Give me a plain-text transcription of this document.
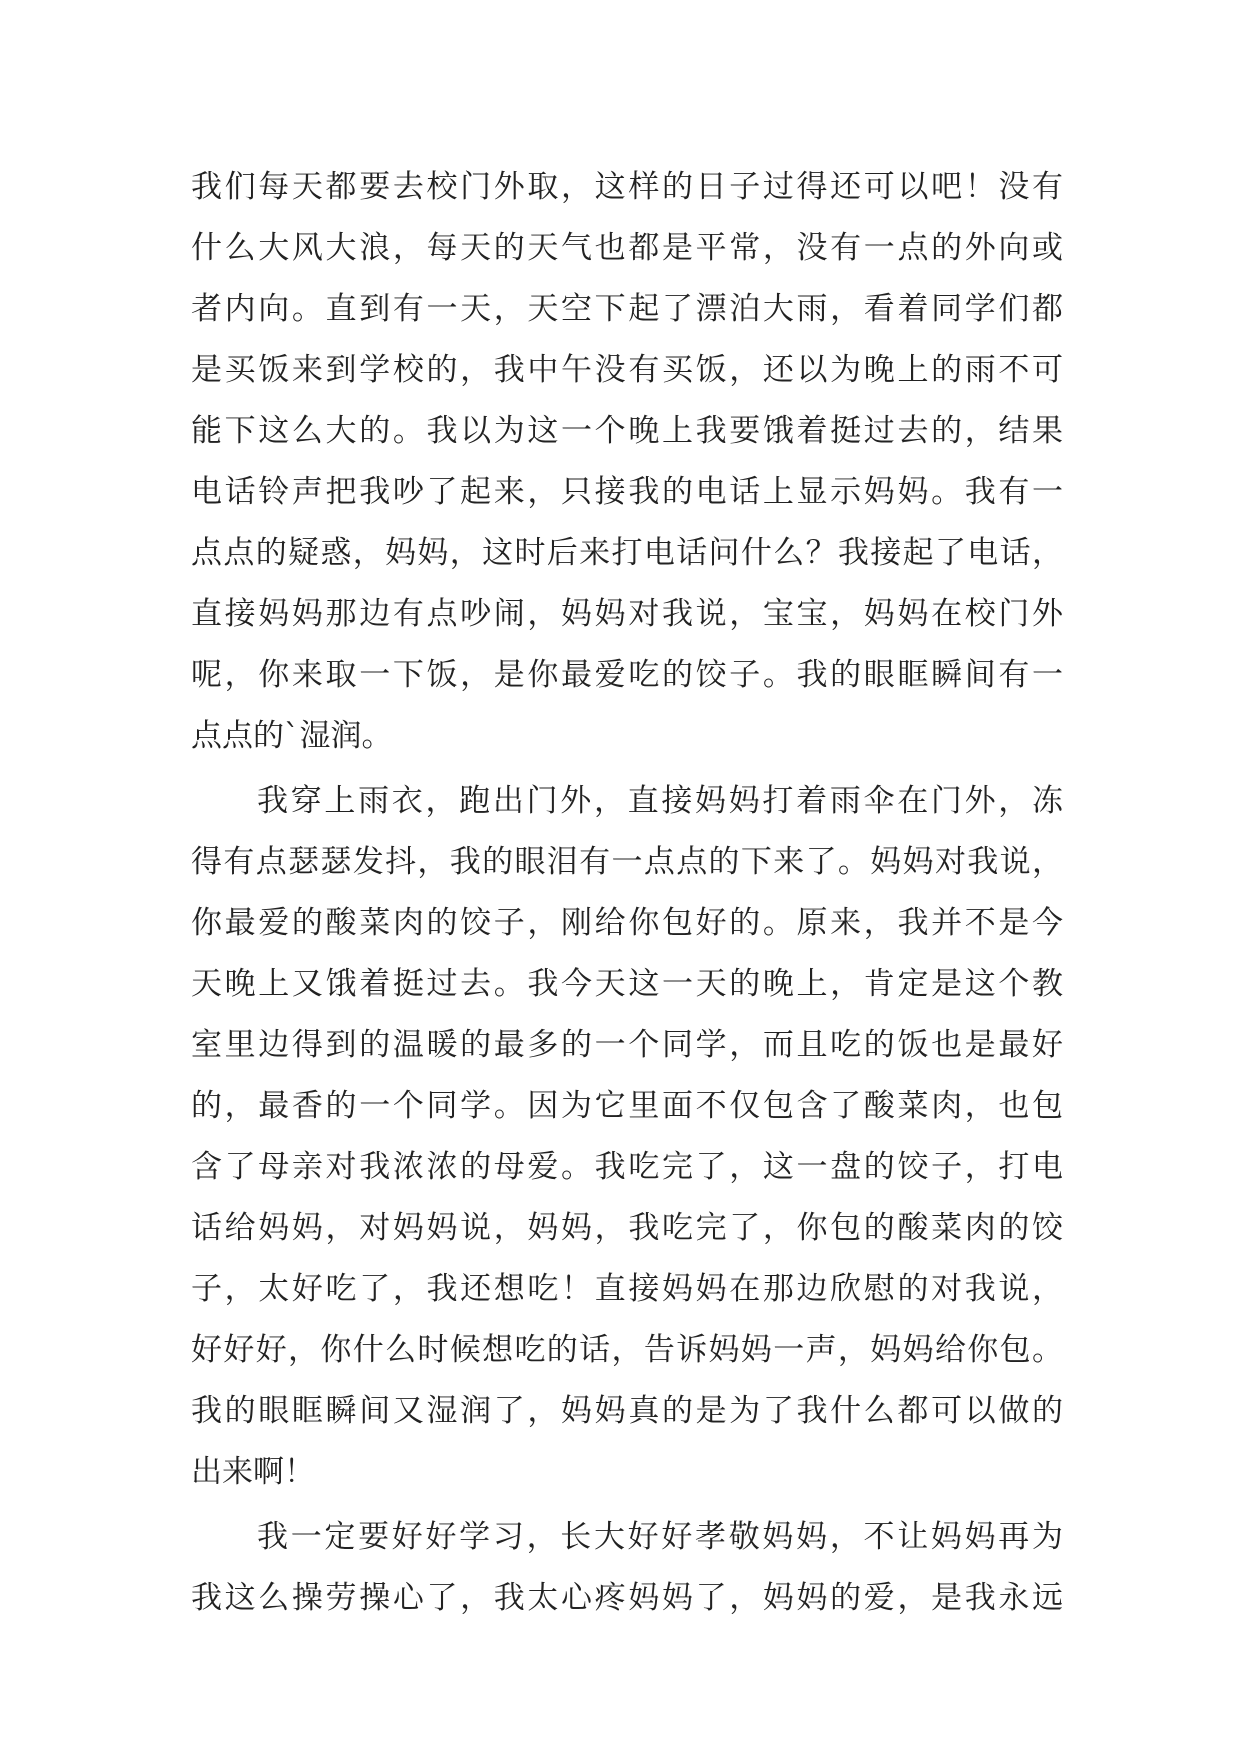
我们每天都要去校门外取，这样的日子过得还可以吧！没有
什么大风大浪，每天的天气也都是平常，没有一点的外向或
者内向。直到有一天，天空下起了漂泊大雨，看着同学们都
是买饭来到学校的，我中午没有买饭，还以为晚上的雨不可
能下这么大的。我以为这一个晚上我要饿着挺过去的，结果
电话铃声把我吵了起来，只接我的电话上显示妈妈。我有一
点点的疑惑，妈妈，这时后来打电话问什么？我接起了电话，
直接妈妈那边有点吵闹，妈妈对我说，宝宝，妈妈在校门外
呢，你来取一下饭，是你最爱吃的饺子。我的眼眶瞬间有一
点点的`湿润。
我穿上雨衣，跑出门外，直接妈妈打着雨伞在门外，冻
得有点瑟瑟发抖，我的眼泪有一点点的下来了。妈妈对我说，
你最爱的酸菜肉的饺子，刚给你包好的。原来，我并不是今
天晚上又饿着挺过去。我今天这一天的晚上，肯定是这个教
室里边得到的温暖的最多的一个同学，而且吃的饭也是最好
的，最香的一个同学。因为它里面不仅包含了酸菜肉，也包
含了母亲对我浓浓的母爱。我吃完了，这一盘的饺子，打电
话给妈妈，对妈妈说，妈妈，我吃完了，你包的酸菜肉的饺
子，太好吃了，我还想吃！直接妈妈在那边欣慰的对我说，
好好好，你什么时候想吃的话，告诉妈妈一声，妈妈给你包。
我的眼眶瞬间又湿润了，妈妈真的是为了我什么都可以做的
出来啊！
我一定要好好学习，长大好好孝敬妈妈，不让妈妈再为
我这么操劳操心了，我太心疼妈妈了，妈妈的爱，是我永远
